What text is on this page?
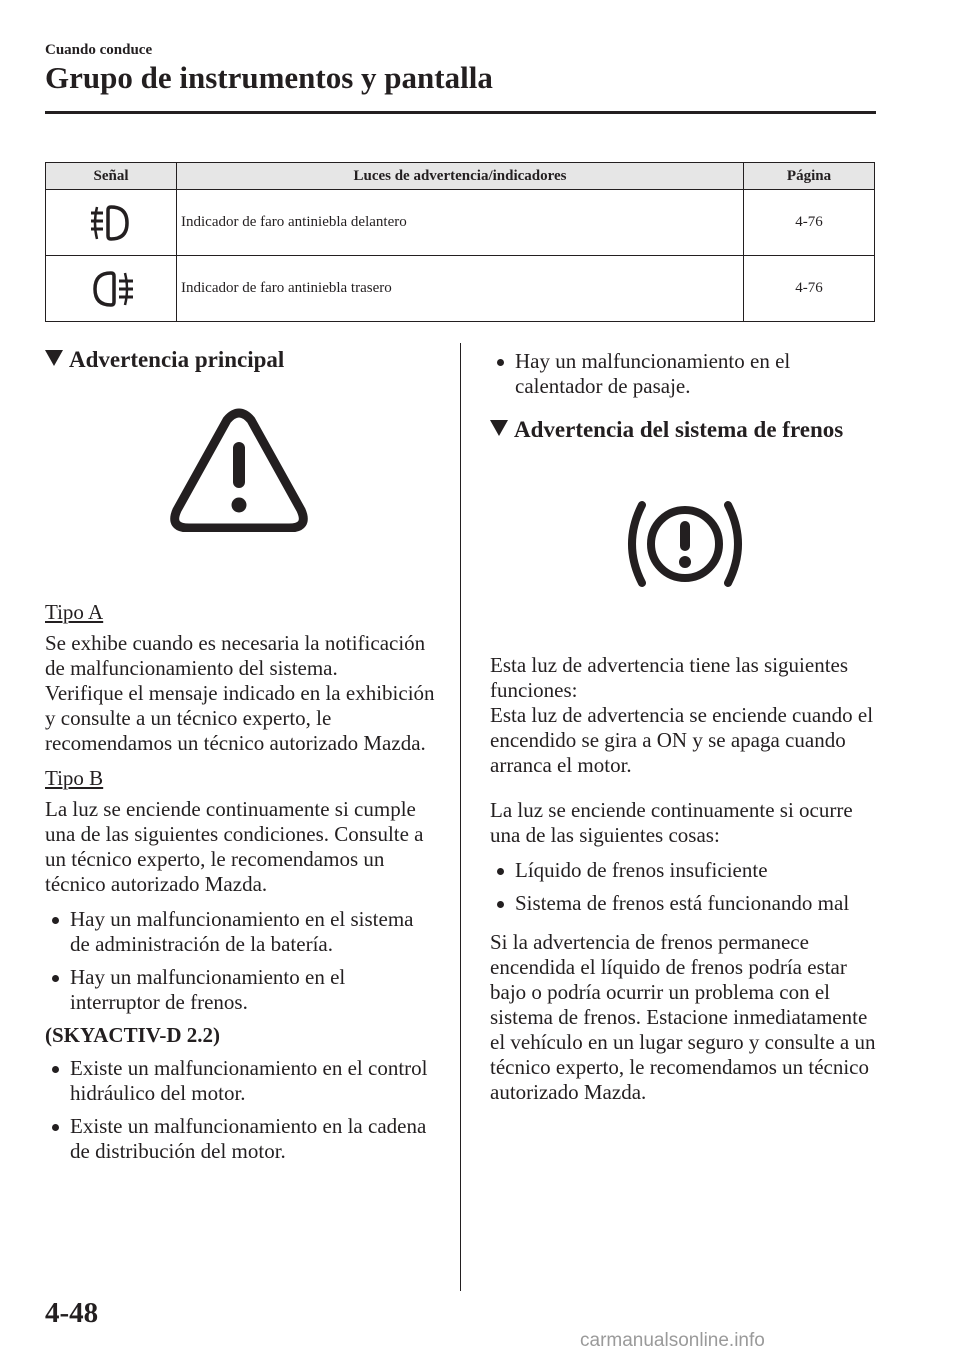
Cuando conduce
Grupo de instrumentos y pantalla
Señal	Luces de advertencia/indicadores	Página

	Indicador de faro antiniebla delantero	4-76

	Indicador de faro antiniebla trasero	4-76
Advertencia principal

Tipo A

Se exhibe cuando es necesaria la notificación de malfuncionamiento del sistema.

Verifique el mensaje indicado en la exhibición y consulte a un técnico experto, le recomendamos un técnico autorizado Mazda.

Tipo B

La luz se enciende continuamente si cumple una de las siguientes condiciones. Consulte a un técnico experto, le recomendamos un técnico autorizado Mazda.

Hay un malfuncionamiento en el sistema de administración de la batería.
Hay un malfuncionamiento en el interruptor de frenos.

(SKYACTIV-D 2.2)

Existe un malfuncionamiento en el control hidráulico del motor.
Existe un malfuncionamiento en la cadena de distribución del motor.
Hay un malfuncionamiento en el calentador de pasaje.
Advertencia del sistema de frenos

Esta luz de advertencia tiene las siguientes funciones:

Esta luz de advertencia se enciende cuando el encendido se gira a ON y se apaga cuando arranca el motor.

La luz se enciende continuamente si ocurre una de las siguientes cosas:

Líquido de frenos insuficiente
Sistema de frenos está funcionando mal

Si la advertencia de frenos permanece encendida el líquido de frenos podría estar bajo o podría ocurrir un problema con el sistema de frenos. Estacione inmediatamente el vehículo en un lugar seguro y consulte a un técnico experto, le recomendamos un técnico autorizado Mazda.

4-48
carmanualsonline.info
